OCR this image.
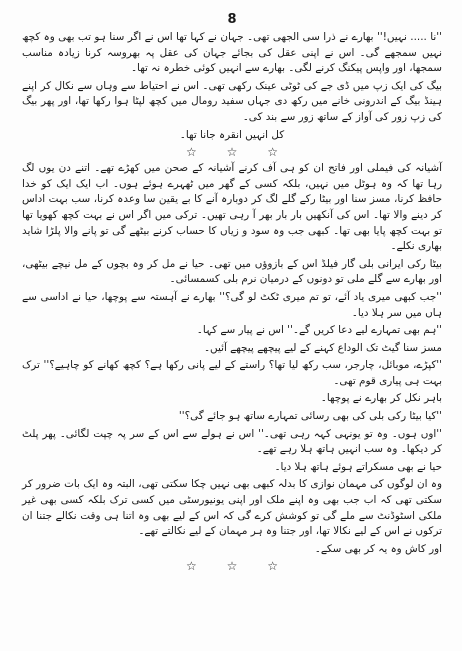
8

''نا ..... نہیں!'' بھارے نے ذرا سی الجھی تھی۔ جہان نے کہا تھا اس نے اگر سنا ہو تب بھی وہ کچھ نہیں سمجھے گی۔ اس نے اپنی عقل کی بجائے جہان کی عقل پہ بھروسہ کرنا زیادہ مناسب سمجھا، اور واپس پیکنگ کرنے لگی۔ بھارے سے انہیں کوئی خطرہ نہ تھا۔

بیگ کی ایک زپ میں ڈی جے کی ٹوٹی عینک رکھی تھی۔ اس نے احتیاط سے وہاں سے نکال کر اپنے ہینڈ بیگ کے اندرونی خانے میں رکھ دی جہاں سفید رومال میں کچھ لپٹا ہوا رکھا تھا، اور پھر بیگ کی زپ زور کی آواز کے ساتھ زور سے بند کی۔

کل انہیں انقرہ جانا تھا۔

☆ ☆ ☆

آشیانہ کی فیملی اور فاتح ان کو ہی آف کرنے آشیانہ کے صحن میں کھڑے تھے۔ اتنے دن یوں لگ رہا تھا کہ وہ ہوٹل میں نہیں، بلکہ کسی کے گھر میں ٹھہرے ہوئے ہوں۔ اب ایک ایک کو خدا حافظ کرنا، مسز سنا اور بیٹا رکے گلے لگ کر دوبارہ آنے کا بے یقین سا وعدہ کرنا، سب بہت اداس کر دینے والا تھا۔ اس کی آنکھیں بار بار بھر آ رہی تھیں۔ ترکی میں اگر اس نے بہت کچھ کھویا تھا تو بہت کچھ پایا بھی تھا۔ کبھی جب وہ سود و زیاں کا حساب کرنے بیٹھے گی تو پانے والا پلڑا شاید بھاری نکلے۔

بیٹا رکی ایرانی بلی گار فیلڈ اس کے بازوؤں میں تھی۔ حیا نے مل کر وہ بچوں کے مل نیچے بیٹھی، اور بھارے سے گلے ملی تو دونوں کے درمیان نرم بلی کسمسائی۔

''جب کبھی میری یاد آئے، تو تم میری ٹکٹ لو گی؟'' بھارے نے آہستہ سے پوچھا، حیا نے اداسی سے ہاں میں سر ہلا دیا۔

''ہم بھی تمہارے لیے دعا کریں گے۔'' اس نے پیار سے کہا۔

مسز سنا گیٹ تک الوداع کہنے کے لیے پیچھے پیچھے آئیں۔

''کپڑے، موبائل، چارجر، سب رکھ لیا تھا؟ راستے کے لیے پانی رکھا ہے؟ کچھ کھانے کو چاہیے؟'' ترک بہت ہی پیاری قوم تھی۔

باہر نکل کر بھارے نے پوچھا۔

''کیا بیٹا رکی بلی کی بھی رسائی تمہارے ساتھ ہو جائے گی؟''

''اوں ہوں۔ وہ تو یونہی کہہ رہی تھی۔'' اس نے ہولے سے اس کے سر پہ چپت لگائی۔ پھر پلٹ کر دیکھا۔ وہ سب انہیں ہاتھ ہلا رہے تھے۔

حیا نے بھی مسکراتے ہوئے ہاتھ ہلا دیا۔

وہ ان لوگوں کی مہمان نوازی کا بدلہ کبھی بھی نہیں چکا سکتی تھی، البتہ وہ ایک بات ضرور کر سکتی تھی کہ اب جب بھی وہ اپنے ملک اور اپنی یونیورسٹی میں کسی ترک بلکہ کسی بھی غیر ملکی اسٹوڈنٹ سے ملے گی تو کوشش کرے گی کہ اس کے لیے بھی وہ اتنا ہی وقت نکالے جتنا ان ترکوں نے اس کے لیے نکالا تھا، اور جتنا وہ ہر مہمان کے لیے نکالتے تھے۔

اور کاش وہ یہ کر بھی سکے۔

☆ ☆ ☆
